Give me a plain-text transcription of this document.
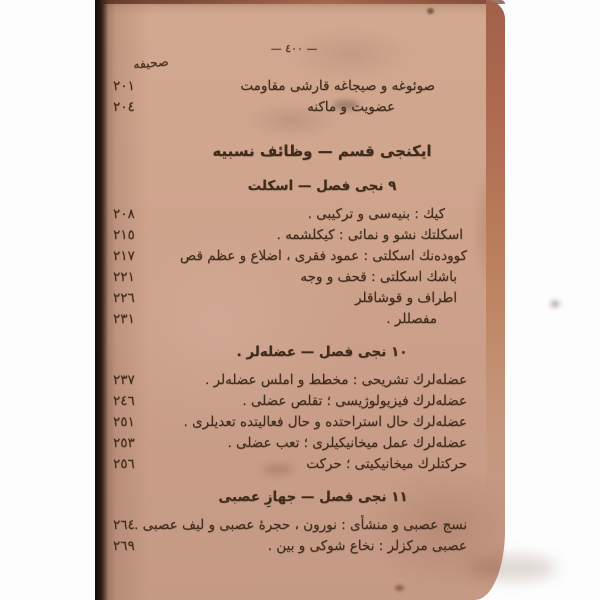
— ٤٠٠ —
صحيفه
صوئوغه و صيجاغه قارشى مقاومت
٢٠١
عضويت و ماكنه
٢٠٤
ايكنجى قسم — وظائف نسبيه
٩ نجى فصل — اسكلت
كيك : بنيه‌سى و تركيبى .
٢٠٨
اسكلتك نشو و نمائى : كيكلشمه .
٢١٥
كووده‌نك اسكلتى : عمود فقرى ، اضلاع و عظم قص
٢١٧
باشك اسكلتى : قحف و وجه
٢٢١
اطراف و قوشاقلر
٢٢٦
مفصللر .
٢٣١
١٠ نجى فصل — عضله‌لر .
عضله‌لرك تشريحى : مخطط و املس عضله‌لر .
٢٣٧
عضله‌لرك فيزيولوژيسى ؛ تقلص عضلى .
٢٤٦
عضله‌لرك حال استراحتده و حال فعاليتده تعديلرى .
٢٥١
عضله‌لرك عمل ميخانيكيلرى ؛ تعب عضلى .
٢٥٣
حركتلرك ميخانيكيتى ؛ حركت
٢٥٦
١١ نجى فصل — جهازِ عصبى
نسج عصبى و منشأى : نورون ، حجرهٔ عصبى و ليف عصبى .
٢٦٤
عصبى مركزلر : نخاع شوكى و بين .
٢٦٩
